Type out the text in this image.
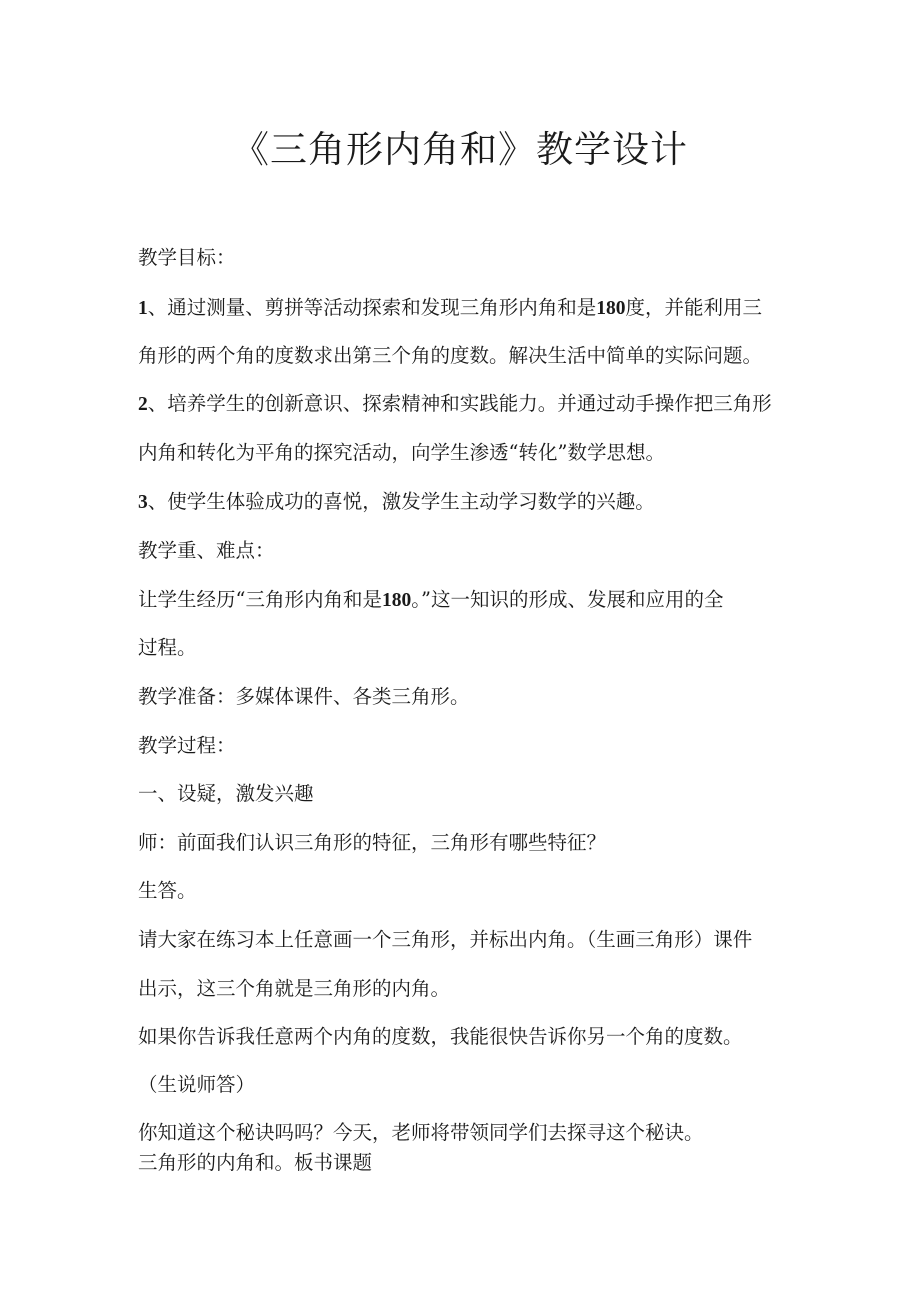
《三角形内角和》教学设计
教学目标：
1、通过测量、剪拼等活动探索和发现三角形内角和是180度，并能利用三
角形的两个角的度数求出第三个角的度数。解决生活中简单的实际问题。
2、培养学生的创新意识、探索精神和实践能力。并通过动手操作把三角形
内角和转化为平角的探究活动，向学生渗透“转化”数学思想。
3、使学生体验成功的喜悦，激发学生主动学习数学的兴趣。
教学重、难点：
让学生经历“三角形内角和是180。”这一知识的形成、发展和应用的全
过程。
教学准备：多媒体课件、各类三角形。
教学过程：
一、设疑，激发兴趣
师：前面我们认识三角形的特征，三角形有哪些特征？
生答。
请大家在练习本上任意画一个三角形，并标出内角。（生画三角形）课件
出示，这三个角就是三角形的内角。
如果你告诉我任意两个内角的度数，我能很快告诉你另一个角的度数。
（生说师答）
你知道这个秘诀吗吗？今天，老师将带领同学们去探寻这个秘诀。
三角形的内角和。板书课题
